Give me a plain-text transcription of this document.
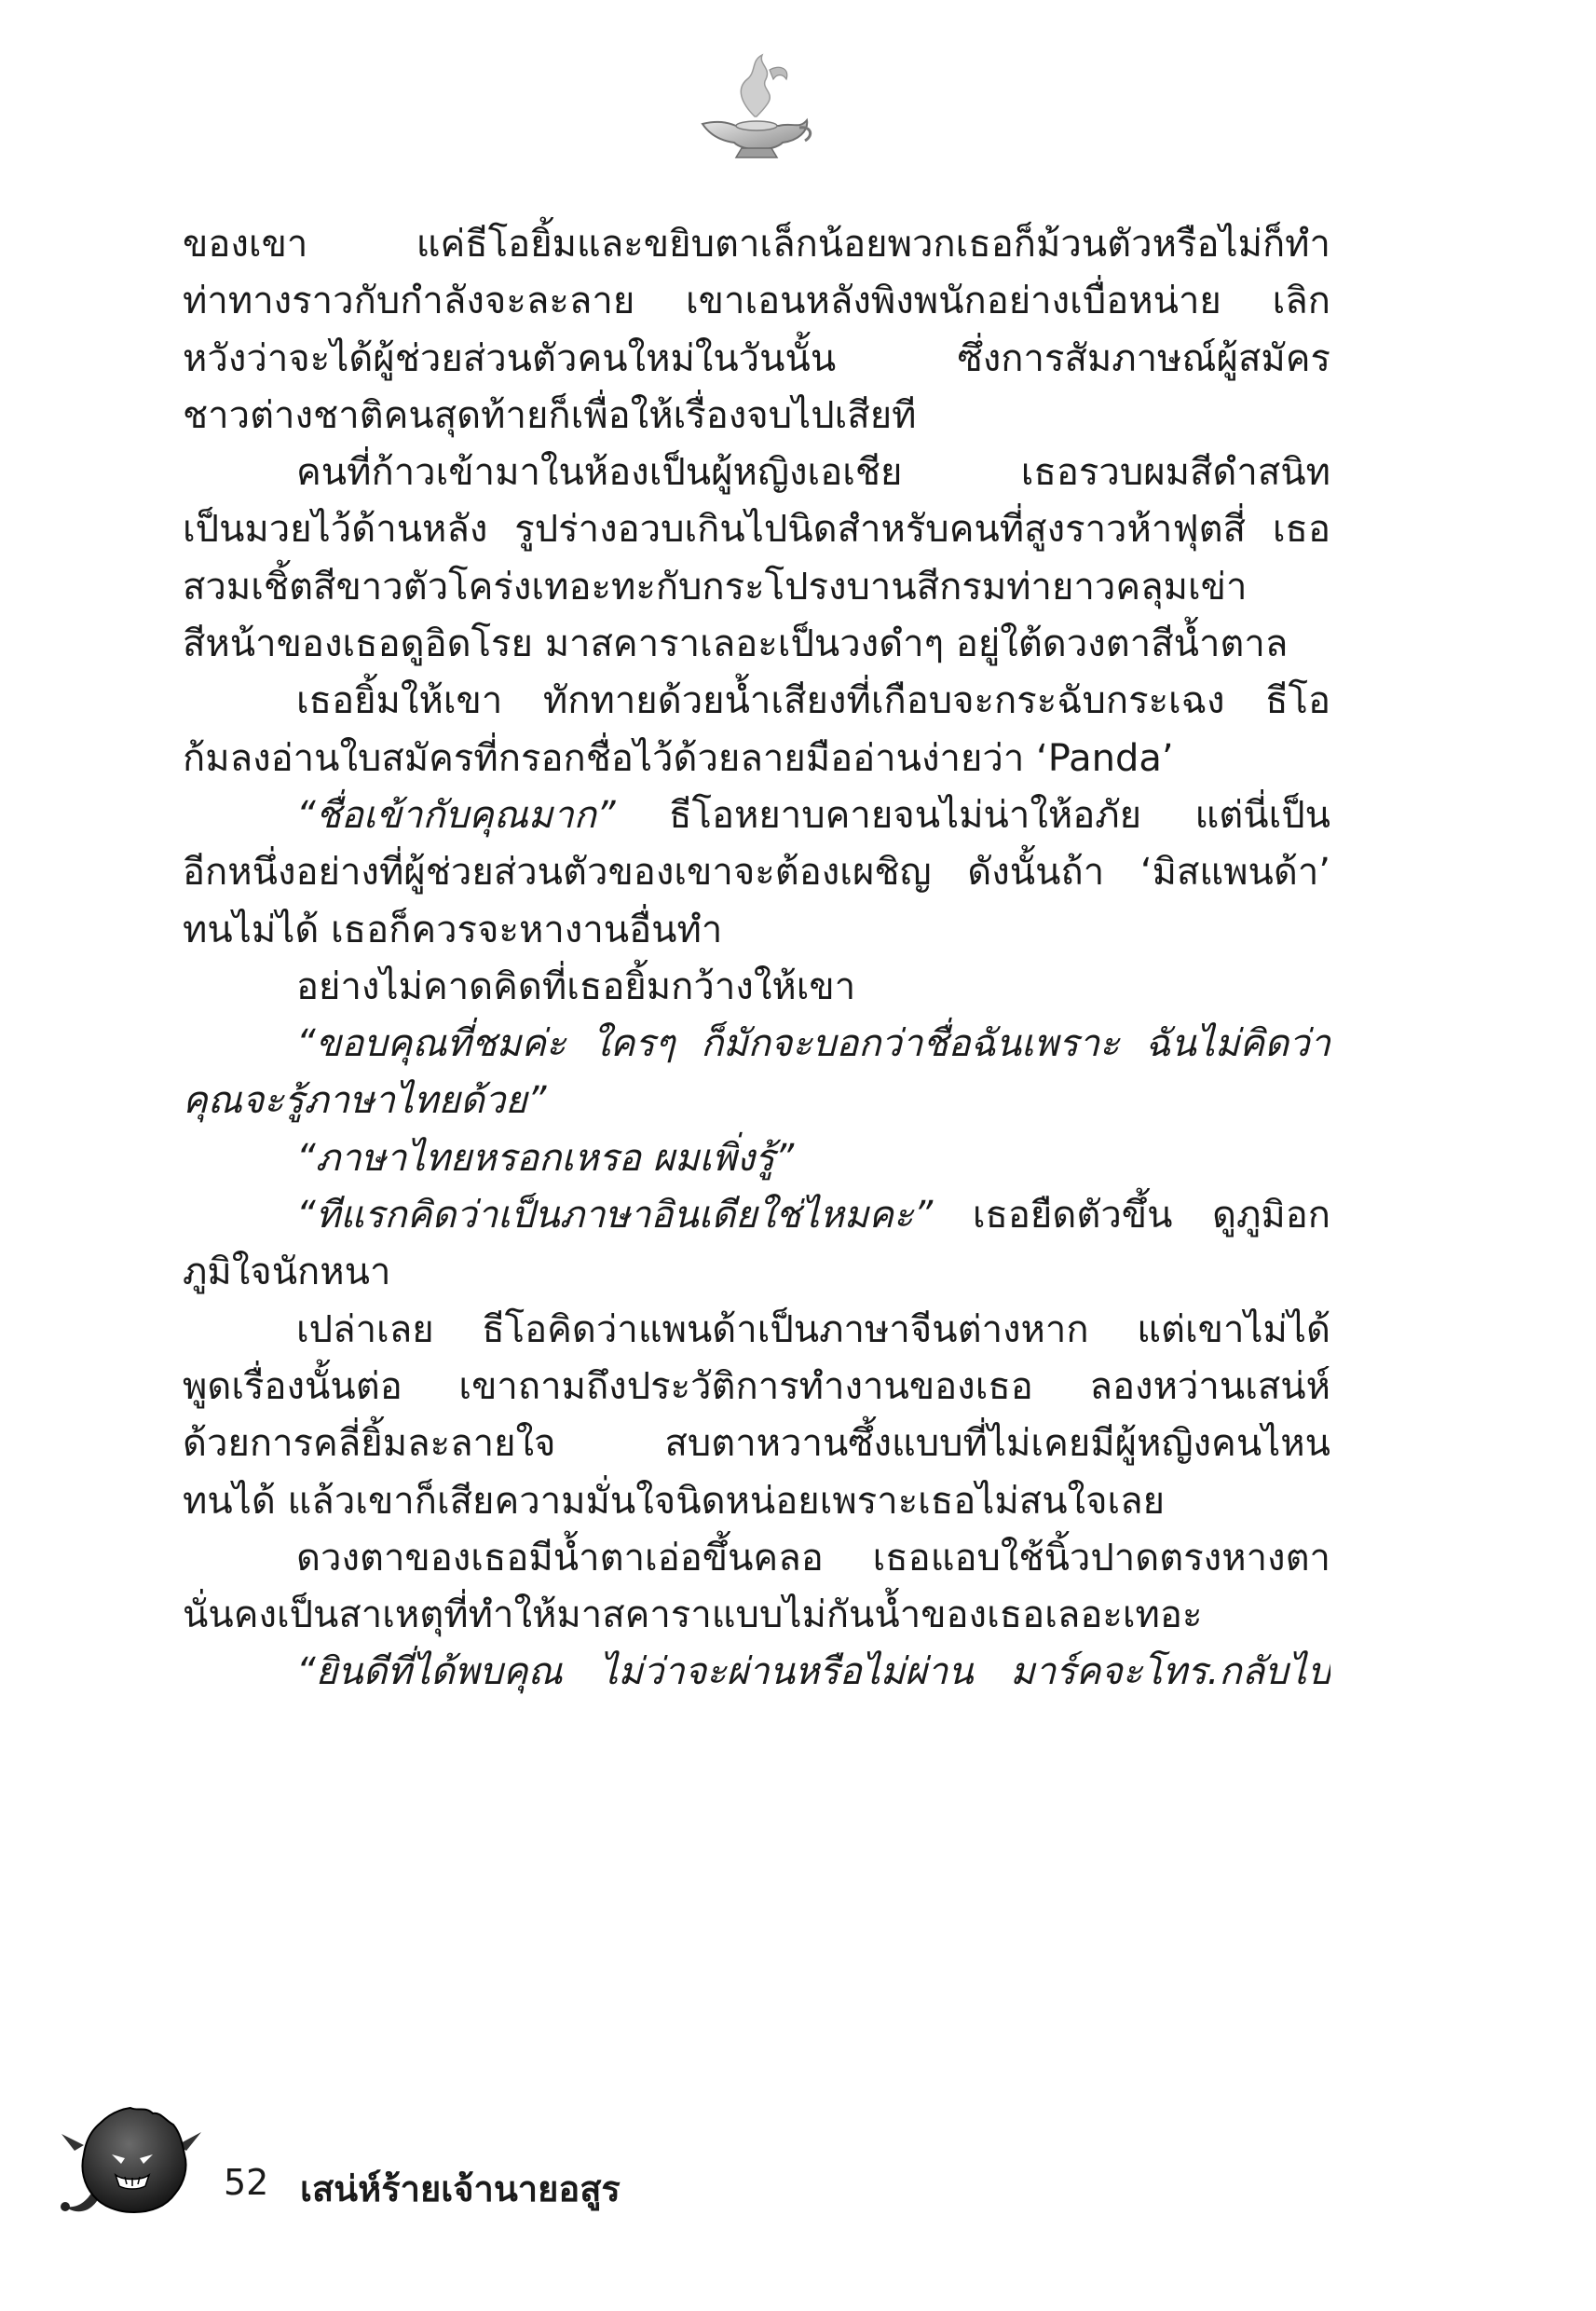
ของเขา แค่ธีโอยิ้มและขยิบตาเล็กน้อยพวกเธอก็ม้วนตัวหรือไม่ก็ทำ
ท่าทางราวกับกำลังจะละลาย เขาเอนหลังพิงพนักอย่างเบื่อหน่าย เลิก
หวังว่าจะได้ผู้ช่วยส่วนตัวคนใหม่ในวันนั้น ซึ่งการสัมภาษณ์ผู้สมัคร
ชาวต่างชาติคนสุดท้ายก็เพื่อให้เรื่องจบไปเสียที
คนที่ก้าวเข้ามาในห้องเป็นผู้หญิงเอเชีย เธอรวบผมสีดำสนิท
เป็นมวยไว้ด้านหลัง รูปร่างอวบเกินไปนิดสำหรับคนที่สูงราวห้าฟุตสี่ เธอ
สวมเชิ้ตสีขาวตัวโคร่งเทอะทะกับกระโปรงบานสีกรมท่ายาวคลุมเข่า
สีหน้าของเธอดูอิดโรย มาสคาราเลอะเป็นวงดำๆ อยู่ใต้ดวงตาสีน้ำตาล
เธอยิ้มให้เขา ทักทายด้วยน้ำเสียงที่เกือบจะกระฉับกระเฉง ธีโอ
ก้มลงอ่านใบสมัครที่กรอกชื่อไว้ด้วยลายมืออ่านง่ายว่า ‘Panda’
“ชื่อเข้ากับคุณมาก” ธีโอหยาบคายจนไม่น่าให้อภัย แต่นี่เป็น
อีกหนึ่งอย่างที่ผู้ช่วยส่วนตัวของเขาจะต้องเผชิญ ดังนั้นถ้า ‘มิสแพนด้า’
ทนไม่ได้ เธอก็ควรจะหางานอื่นทำ
อย่างไม่คาดคิดที่เธอยิ้มกว้างให้เขา
“ขอบคุณที่ชมค่ะ ใครๆ ก็มักจะบอกว่าชื่อฉันเพราะ ฉันไม่คิดว่า
คุณจะรู้ภาษาไทยด้วย”
“ภาษาไทยหรอกเหรอ ผมเพิ่งรู้”
“ทีแรกคิดว่าเป็นภาษาอินเดียใช่ไหมคะ” เธอยืดตัวขึ้น ดูภูมิอก
ภูมิใจนักหนา
เปล่าเลย ธีโอคิดว่าแพนด้าเป็นภาษาจีนต่างหาก แต่เขาไม่ได้
พูดเรื่องนั้นต่อ เขาถามถึงประวัติการทำงานของเธอ ลองหว่านเสน่ห์
ด้วยการคลี่ยิ้มละลายใจ สบตาหวานซึ้งแบบที่ไม่เคยมีผู้หญิงคนไหน
ทนได้ แล้วเขาก็เสียความมั่นใจนิดหน่อยเพราะเธอไม่สนใจเลย
ดวงตาของเธอมีน้ำตาเอ่อขึ้นคลอ เธอแอบใช้นิ้วปาดตรงหางตา
นั่นคงเป็นสาเหตุที่ทำให้มาสคาราแบบไม่กันน้ำของเธอเลอะเทอะ
“ยินดีที่ได้พบคุณ ไม่ว่าจะผ่านหรือไม่ผ่าน มาร์คจะโทร.กลับไป
52 เสน่ห์ร้ายเจ้านายอสูร
